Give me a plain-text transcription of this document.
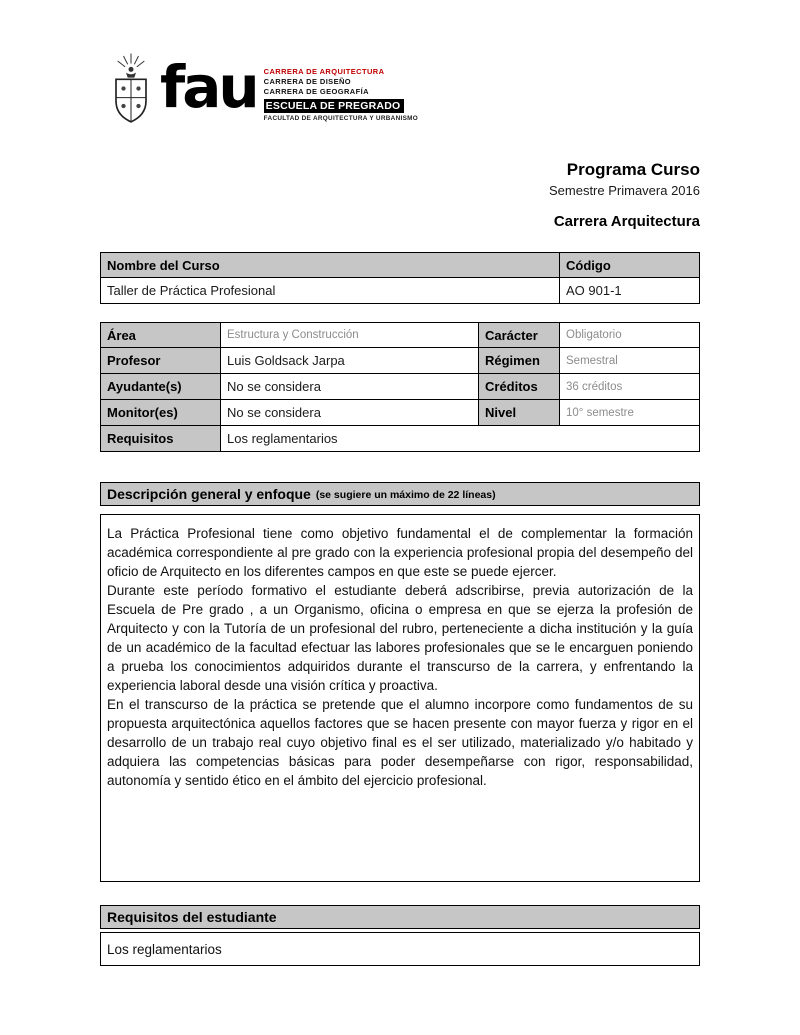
fau CARRERA DE ARQUITECTURA
CARRERA DE DISEÑO
CARRERA DE GEOGRAFÍA
ESCUELA DE PREGRADO
FACULTAD DE ARQUITECTURA Y URBANISMO
Programa Curso
Semestre Primavera 2016
Carrera Arquitectura
Nombre del Curso	Código
Taller de Práctica Profesional	AO 901-1
Área	Estructura y Construcción	Carácter	Obligatorio
Profesor	Luis Goldsack Jarpa	Régimen	Semestral
Ayudante(s)	No se considera	Créditos	36 créditos
Monitor(es)	No se considera	Nivel	10° semestre
Requisitos	Los reglamentarios
Descripción general y enfoque (se sugiere un máximo de 22 líneas)

La Práctica Profesional tiene como objetivo fundamental el de complementar la formación académica correspondiente al pre grado con la experiencia profesional propia del desempeño del oficio de Arquitecto en los diferentes campos en que este se puede ejercer.

Durante este período formativo el estudiante deberá adscribirse, previa autorización de la Escuela de Pre grado , a un Organismo, oficina o empresa en que se ejerza la profesión de Arquitecto y con la Tutoría de un profesional del rubro, perteneciente a dicha institución y la guía de un académico de la facultad efectuar las labores profesionales que se le encarguen poniendo a prueba los conocimientos adquiridos durante el transcurso de la carrera, y enfrentando la experiencia laboral desde una visión crítica y proactiva.

En el transcurso de la práctica se pretende que el alumno incorpore como fundamentos de su propuesta arquitectónica aquellos factores que se hacen presente con mayor fuerza y rigor en el desarrollo de un trabajo real cuyo objetivo final es el ser utilizado, materializado y/o habitado y adquiera las competencias básicas para poder desempeñarse con rigor, responsabilidad, autonomía y sentido ético en el ámbito del ejercicio profesional.

Requisitos del estudiante
Los reglamentarios
